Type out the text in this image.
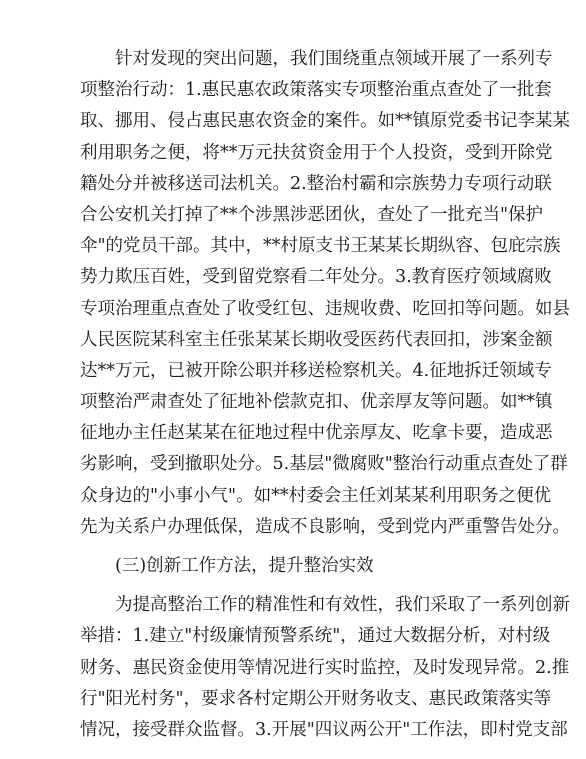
针对发现的突出问题，我们围绕重点领域开展了一系列专
项整治行动：1.惠民惠农政策落实专项整治重点查处了一批套
取、挪用、侵占惠民惠农资金的案件。如**镇原党委书记李某某
利用职务之便，将**万元扶贫资金用于个人投资，受到开除党
籍处分并被移送司法机关。2.整治村霸和宗族势力专项行动联
合公安机关打掉了**个涉黑涉恶团伙，查处了一批充当"保护
伞"的党员干部。其中，**村原支书王某某长期纵容、包庇宗族
势力欺压百姓，受到留党察看二年处分。3.教育医疗领域腐败
专项治理重点查处了收受红包、违规收费、吃回扣等问题。如县
人民医院某科室主任张某某长期收受医药代表回扣，涉案金额
达**万元，已被开除公职并移送检察机关。4.征地拆迁领域专
项整治严肃查处了征地补偿款克扣、优亲厚友等问题。如**镇
征地办主任赵某某在征地过程中优亲厚友、吃拿卡要，造成恶
劣影响，受到撤职处分。5.基层"微腐败"整治行动重点查处了群
众身边的"小事小气"。如**村委会主任刘某某利用职务之便优
先为关系户办理低保，造成不良影响，受到党内严重警告处分。
(三)创新工作方法，提升整治实效
为提高整治工作的精准性和有效性，我们采取了一系列创新
举措：1.建立"村级廉情预警系统"，通过大数据分析，对村级
财务、惠民资金使用等情况进行实时监控，及时发现异常。2.推
行"阳光村务"，要求各村定期公开财务收支、惠民政策落实等
情况，接受群众监督。3.开展"四议两公开"工作法，即村党支部
